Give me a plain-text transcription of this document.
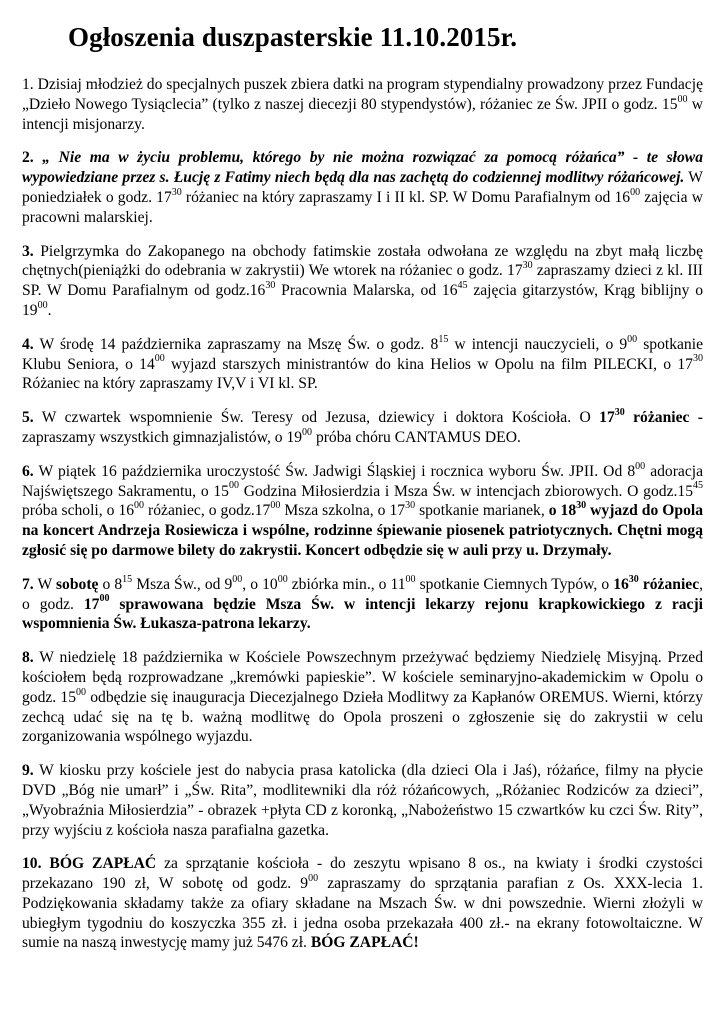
Ogłoszenia duszpasterskie 11.10.2015r.

1. Dzisiaj młodzież do specjalnych puszek zbiera datki na program stypendialny prowadzony przez Fundację „Dzieło Nowego Tysiąclecia” (tylko z naszej diecezji 80 stypendystów), różaniec ze Św. JPII o godz. $15^{00}$ w intencji misjonarzy.

2. „ Nie ma w życiu problemu, którego by nie można rozwiązać za pomocą różańca” - te słowa wypowiedziane przez s. Łucję z Fatimy niech będą dla nas zachętą do codziennej modlitwy różańcowej. W poniedziałek o godz. $17^{30}$ różaniec na który zapraszamy I i II kl. SP. W Domu Parafialnym od $16^{00}$ zajęcia w pracowni malarskiej.

3. Pielgrzymka do Zakopanego na obchody fatimskie została odwołana ze względu na zbyt małą liczbę chętnych(pieniążki do odebrania w zakrystii) We wtorek na różaniec o godz. $17^{30}$ zapraszamy dzieci z kl. III SP. W Domu Parafialnym od $godz.16^{30}$ Pracownia Malarska, od $16^{45}$ zajęcia gitarzystów, Krąg biblijny o $19^{00}$.

4. W środę 14 października zapraszamy na Mszę Św. o godz. $8^{15}$ w intencji nauczycieli, o $9^{00}$ spotkanie Klubu Seniora, o $14^{00}$ wyjazd starszych ministrantów do kina Helios w Opolu na film PILECKI, o $17^{30}$ Różaniec na który zapraszamy IV,V i VI kl. SP.

5. W czwartek wspomnienie Św. Teresy od Jezusa, dziewicy i doktora Kościoła. O $17^{30}$ różaniec - zapraszamy wszystkich gimnazjalistów, o $19^{00}$ próba chóru CANTAMUS DEO.

6. W piątek 16 października uroczystość Św. Jadwigi Śląskiej i rocznica wyboru Św. JPII. Od $8^{00}$ adoracja Najświętszego Sakramentu, o $15^{00}$ Godzina Miłosierdzia i Msza Św. w intencjach zbiorowych. O $godz.15^{45}$ próba scholi, o $16^{00}$ różaniec, o $godz.17^{00}$ Msza szkolna, o $17^{30}$ spotkanie marianek, o $18^{30}$ wyjazd do Opola na koncert Andrzeja Rosiewicza i wspólne, rodzinne śpiewanie piosenek patriotycznych. Chętni mogą zgłosić się po darmowe bilety do zakrystii. Koncert odbędzie się w auli przy u. Drzymały.

7. W sobotę o $8^{15}$ Msza Św., od $9^{00}$, o $10^{00}$ zbiórka min., o $11^{00}$ spotkanie Ciemnych Typów, o $16^{30}$ różaniec, o godz. $17^{00}$ sprawowana będzie Msza Św. w intencji lekarzy rejonu krapkowickiego z racji wspomnienia Św. Łukasza-patrona lekarzy.

8. W niedzielę 18 października w Kościele Powszechnym przeżywać będziemy Niedzielę Misyjną. Przed kościołem będą rozprowadzane „kremówki papieskie”. W kościele seminaryjno-akademickim w Opolu o godz. $15^{00}$ odbędzie się inauguracja Diecezjalnego Dzieła Modlitwy za Kapłanów OREMUS. Wierni, którzy zechcą udać się na tę b. ważną modlitwę do Opola proszeni o zgłoszenie się do zakrystii w celu zorganizowania wspólnego wyjazdu.

9. W kiosku przy kościele jest do nabycia prasa katolicka (dla dzieci Ola i Jaś), różańce, filmy na płycie DVD „Bóg nie umarł” i „Św. Rita”, modlitewniki dla róż różańcowych, „Różaniec Rodziców za dzieci”, „Wyobraźnia Miłosierdzia” - obrazek +płyta CD z koronką, „Nabożeństwo 15 czwartków ku czci Św. Rity”, przy wyjściu z kościoła nasza parafialna gazetka.

10. BÓG ZAPŁAĆ za sprzątanie kościoła - do zeszytu wpisano 8 os., na kwiaty i środki czystości przekazano 190 zł, W sobotę od godz. $9^{00}$ zapraszamy do sprzątania parafian z Os. XXX-lecia 1. Podziękowania składamy także za ofiary składane na Mszach Św. w dni powszednie. Wierni złożyli w ubiegłym tygodniu do koszyczka 355 zł. i jedna osoba przekazała 400 zł.- na ekrany fotowoltaiczne. W sumie na naszą inwestycję mamy już 5476 zł. BÓG ZAPŁAĆ!
